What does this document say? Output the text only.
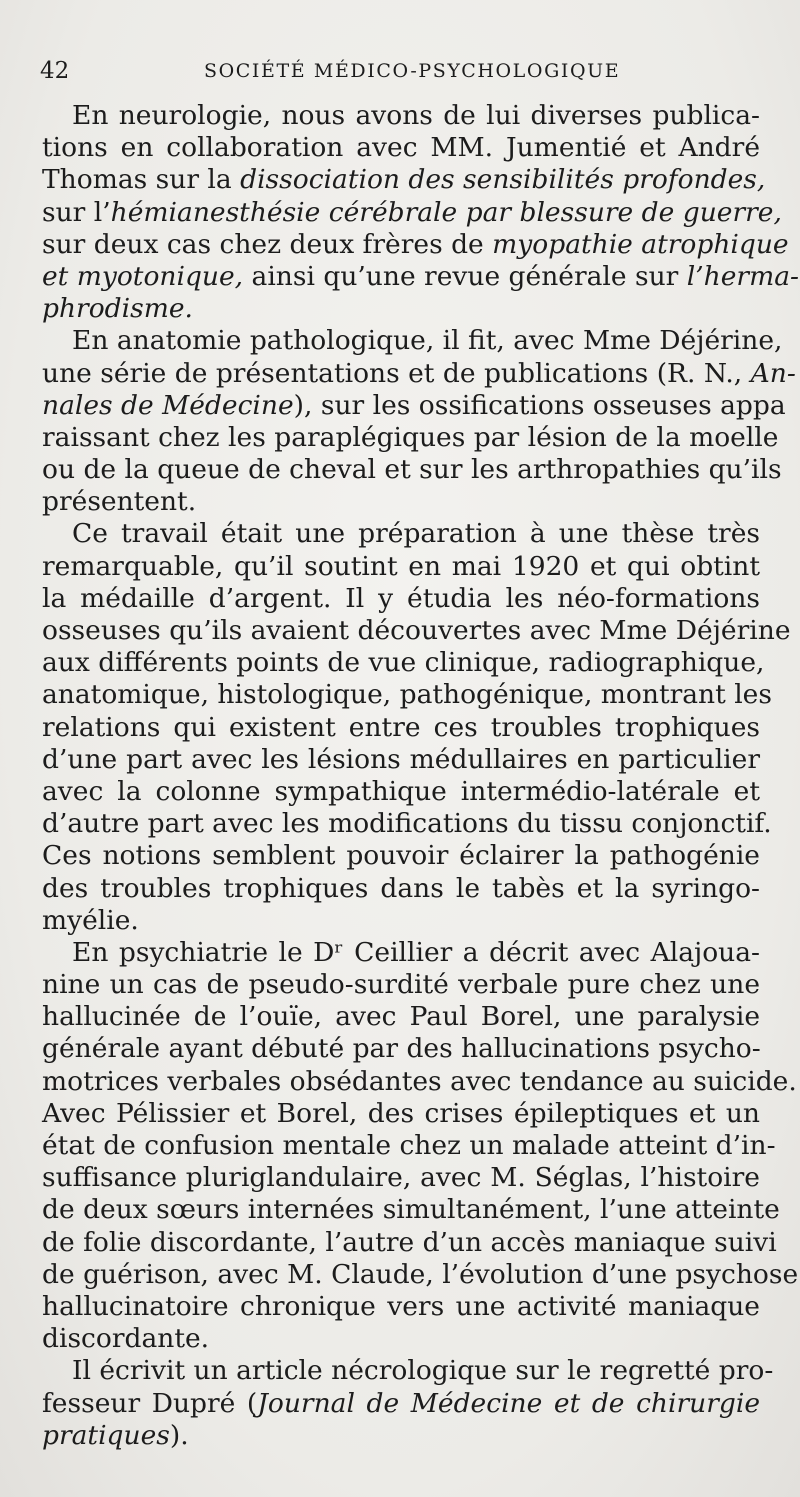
42	SOCIÉTÉ MÉDICO-PSYCHOLOGIQUE
En neurologie, nous avons de lui diverses publica-
tions en collaboration avec MM. Jumentié et André
Thomas sur la dissociation des sensibilités profondes,
sur l’hémianesthésie cérébrale par blessure de guerre,
sur deux cas chez deux frères de myopathie atrophique
et myotonique, ainsi qu’une revue générale sur l’herma-
phrodisme.
En anatomie pathologique, il fit, avec Mme Déjérine,
une série de présentations et de publications (R. N., An-
nales de Médecine), sur les ossifications osseuses appa
raissant chez les paraplégiques par lésion de la moelle
ou de la queue de cheval et sur les arthropathies qu’ils
présentent.
Ce travail était une préparation à une thèse très
remarquable, qu’il soutint en mai 1920 et qui obtint
la médaille d’argent. Il y étudia les néo-formations
osseuses qu’ils avaient découvertes avec Mme Déjérine
aux différents points de vue clinique, radiographique,
anatomique, histologique, pathogénique, montrant les
relations qui existent entre ces troubles trophiques
d’une part avec les lésions médullaires en particulier
avec la colonne sympathique intermédio-latérale et
d’autre part avec les modifications du tissu conjonctif.
Ces notions semblent pouvoir éclairer la pathogénie
des troubles trophiques dans le tabès et la syringo-
myélie.
En psychiatrie le Dʳ Ceillier a décrit avec Alajoua-
nine un cas de pseudo-surdité verbale pure chez une
hallucinée de l’ouïe, avec Paul Borel, une paralysie
générale ayant débuté par des hallucinations psycho-
motrices verbales obsédantes avec tendance au suicide.
Avec Pélissier et Borel, des crises épileptiques et un
état de confusion mentale chez un malade atteint d’in-
suffisance pluriglandulaire, avec M. Séglas, l’histoire
de deux sœurs internées simultanément, l’une atteinte
de folie discordante, l’autre d’un accès maniaque suivi
de guérison, avec M. Claude, l’évolution d’une psychose
hallucinatoire chronique vers une activité maniaque
discordante.
Il écrivit un article nécrologique sur le regretté pro-
fesseur Dupré (Journal de Médecine et de chirurgie
pratiques).
